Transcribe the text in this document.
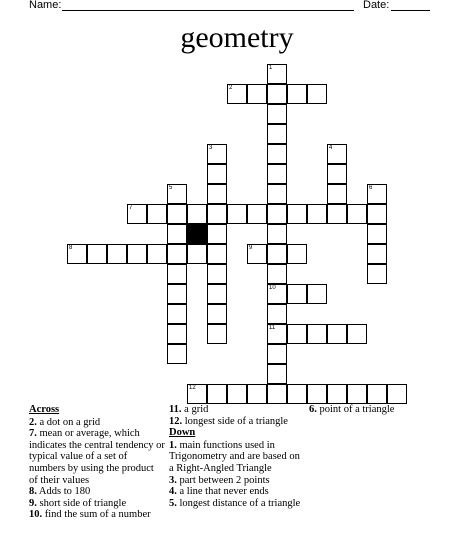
Name:	Date:
geometry
1
10
11
2
3	4
5	6
7
8	9
12
Across
2. a dot on a grid
7. mean or average, which indicates the central tendency or typical value of a set of numbers by using the product of their values
8. Adds to 180
9. short side of triangle
10. find the sum of a number
11. a grid
12. longest side of a triangle
Down
1. main functions used in Trigonometry and are based on a Right-Angled Triangle
3. part between 2 points
4. a line that never ends
5. longest distance of a triangle
6. point of a triangle
